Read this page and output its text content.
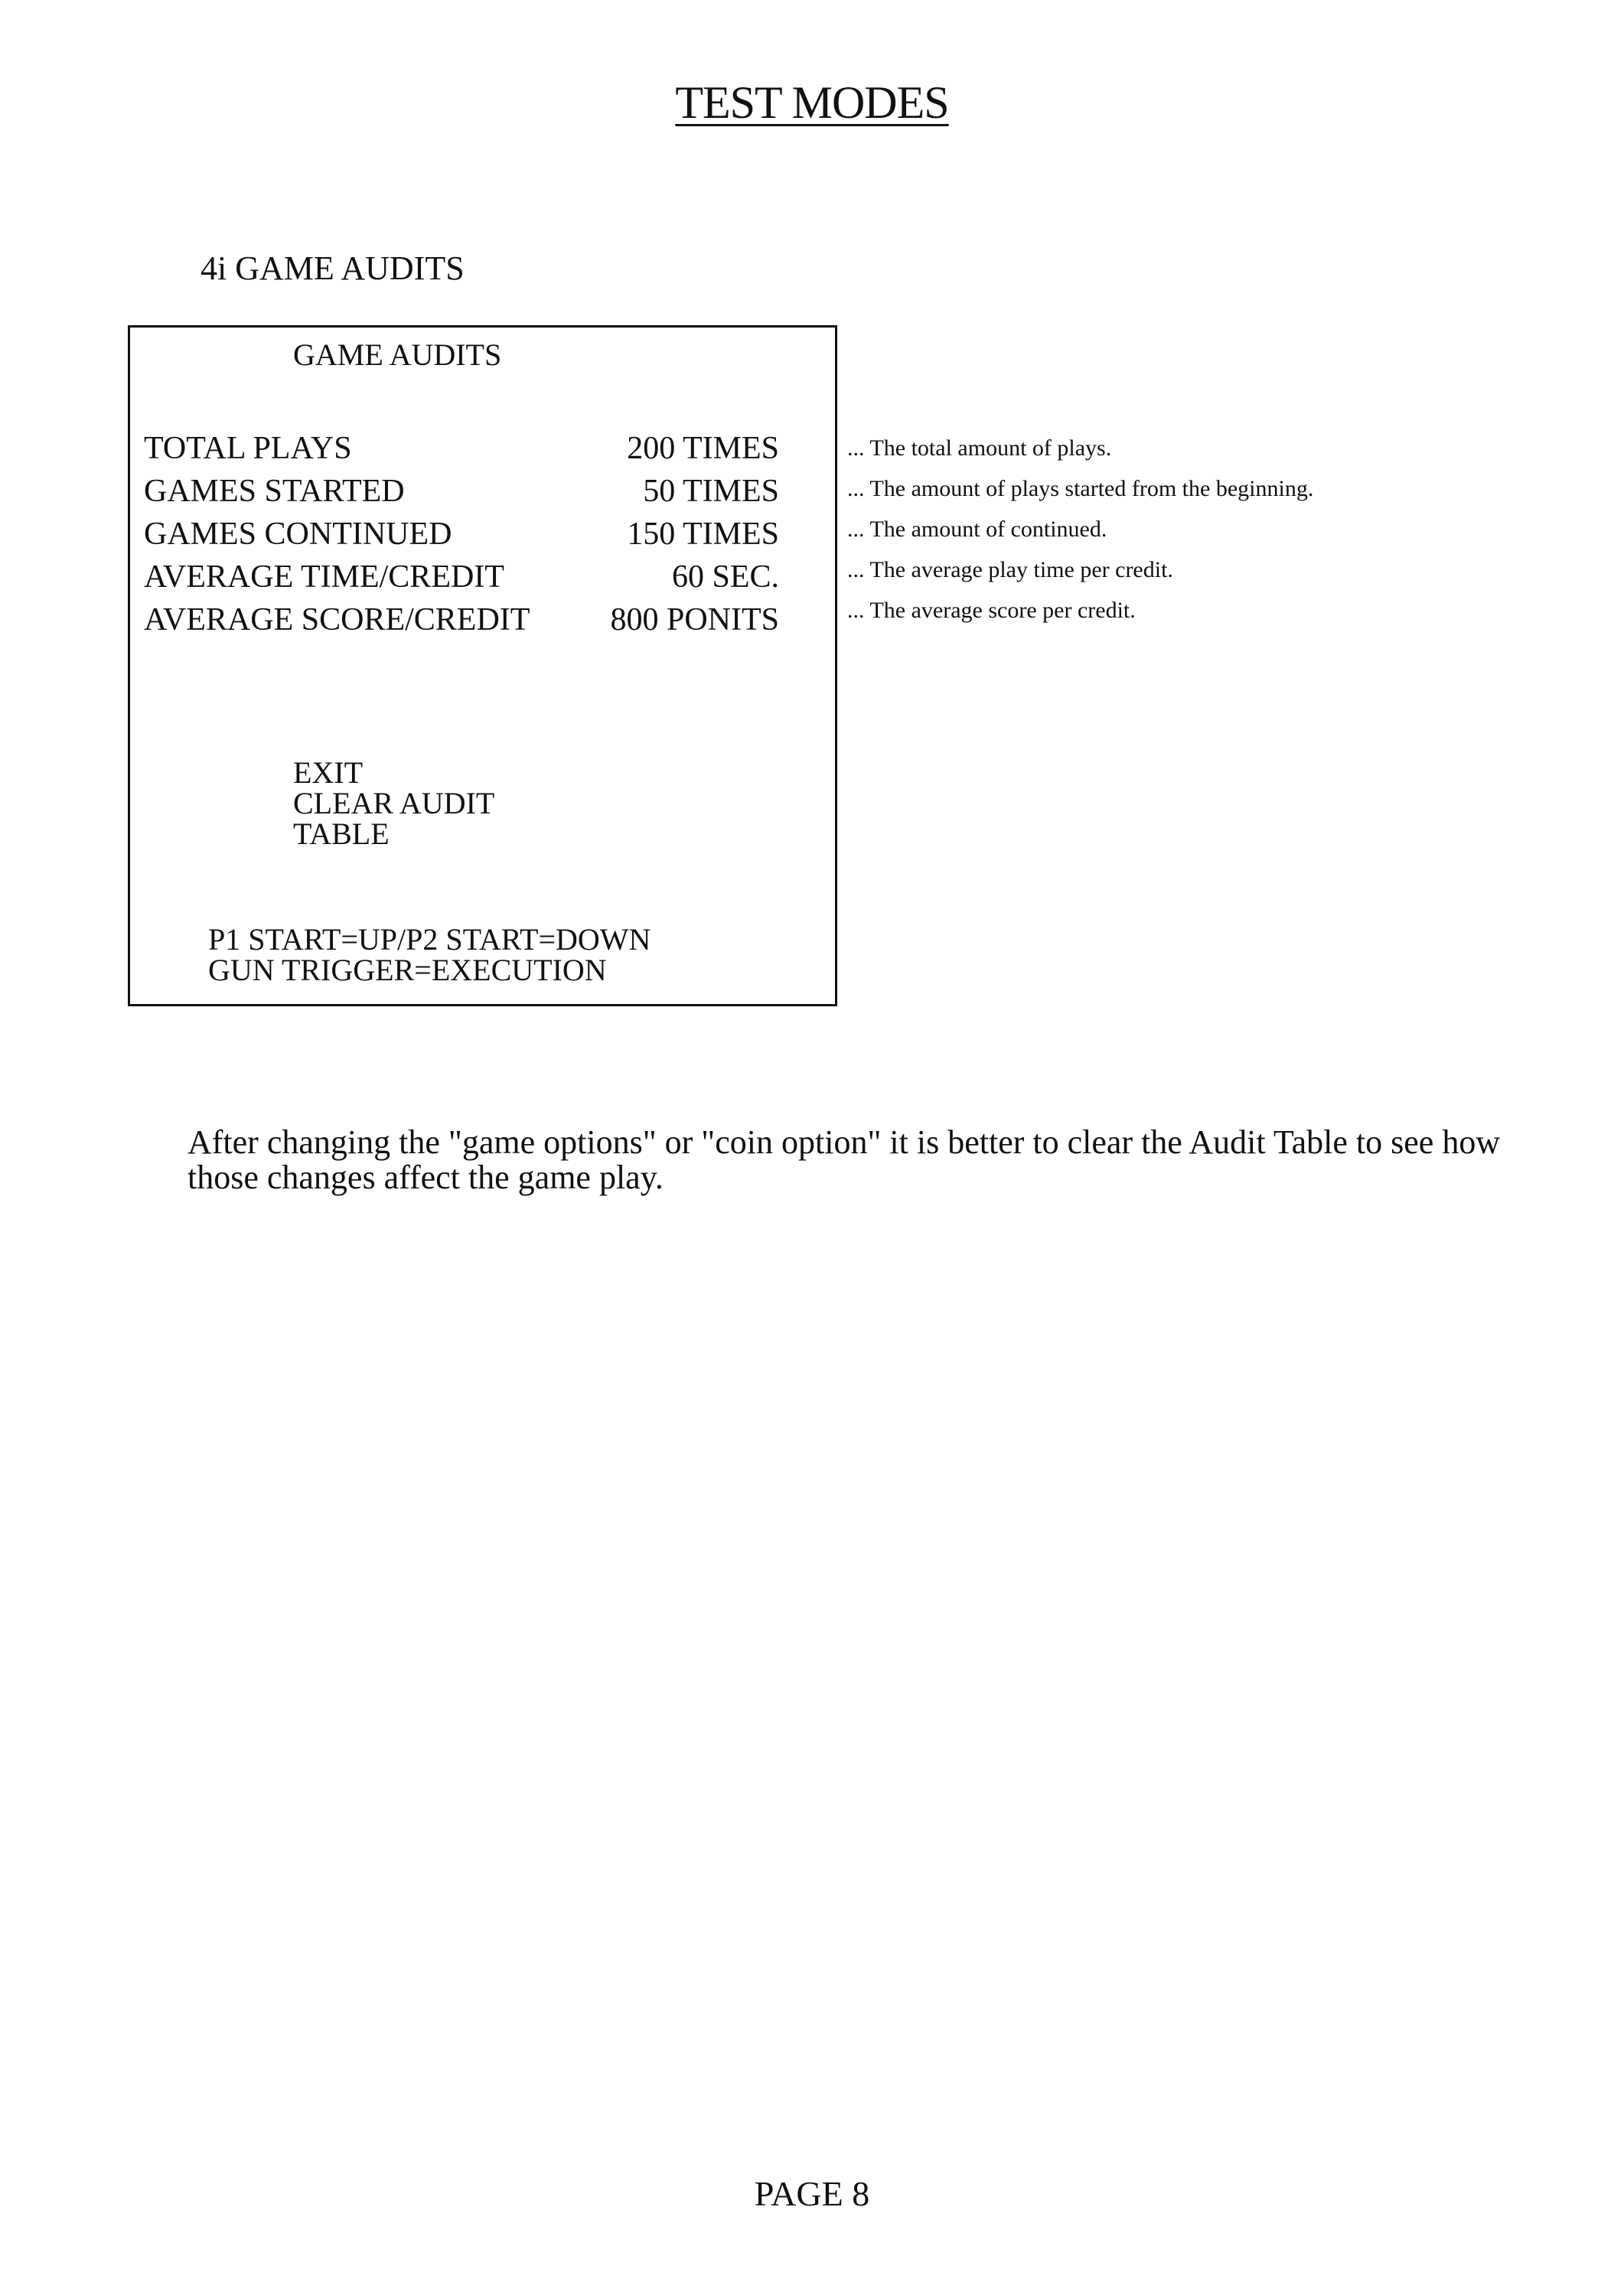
TEST MODES
4i GAME AUDITS
GAME AUDITS
TOTAL PLAYS	200 TIMES
GAMES STARTED	50 TIMES
GAMES CONTINUED	150 TIMES
AVERAGE TIME/CREDIT	60 SEC.
AVERAGE SCORE/CREDIT	800 PONITS
... The total amount of plays.
... The amount of plays started from the beginning.
... The amount of continued.
... The average play time per credit.
... The average score per credit.
EXIT
CLEAR AUDIT
TABLE
P1 START=UP/P2 START=DOWN
GUN TRIGGER=EXECUTION
After changing the "game options" or "coin option" it is better to clear the Audit Table to see how those changes affect the game play.
PAGE 8
